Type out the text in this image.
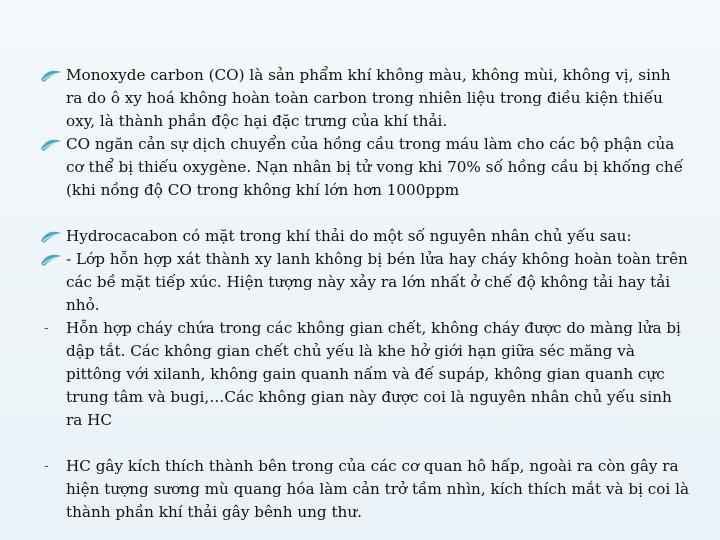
Monoxyde carbon (CO) là sản phẩm khí không màu, không mùi, không vị, sinh ra do ô xy hoá không hoàn toàn carbon trong nhiên liệu trong điều kiện thiếu oxy, là thành phần độc hại đặc trưng của khí thải.
CO ngăn cản sự dịch chuyển của hồng cầu trong máu làm cho các bộ phận của cơ thể bị thiếu oxygène. Nạn nhân bị tử vong khi 70% số hồng cầu bị khống chế (khi nồng độ CO trong không khí lớn hơn 1000ppm
Hydrocacabon có mặt trong khí thải do một số nguyên nhân chủ yếu sau:
- Lớp hỗn hợp xát thành xy lanh không bị bén lửa hay cháy không hoàn toàn trên các bề mặt tiếp xúc. Hiện tượng này xảy ra lớn nhất ở chế độ không tải hay tải nhỏ.
-	Hỗn hợp cháy chứa trong các không gian chết, không cháy được do màng lửa bị dập tắt. Các không gian chết chủ yếu là khe hở giới hạn giữa séc măng và pittông với xilanh, không gain quanh nấm và đế supáp, không gian quanh cực trung tâm và bugi,…Các không gian này được coi là nguyên nhân chủ yếu sinh ra HC
-	HC gây kích thích thành bên trong của các cơ quan hô hấp, ngoài ra còn gây ra hiện tượng sương mù quang hóa làm cản trở tầm nhìn, kích thích mắt và bị coi là thành phần khí thải gây bênh ung thư.
